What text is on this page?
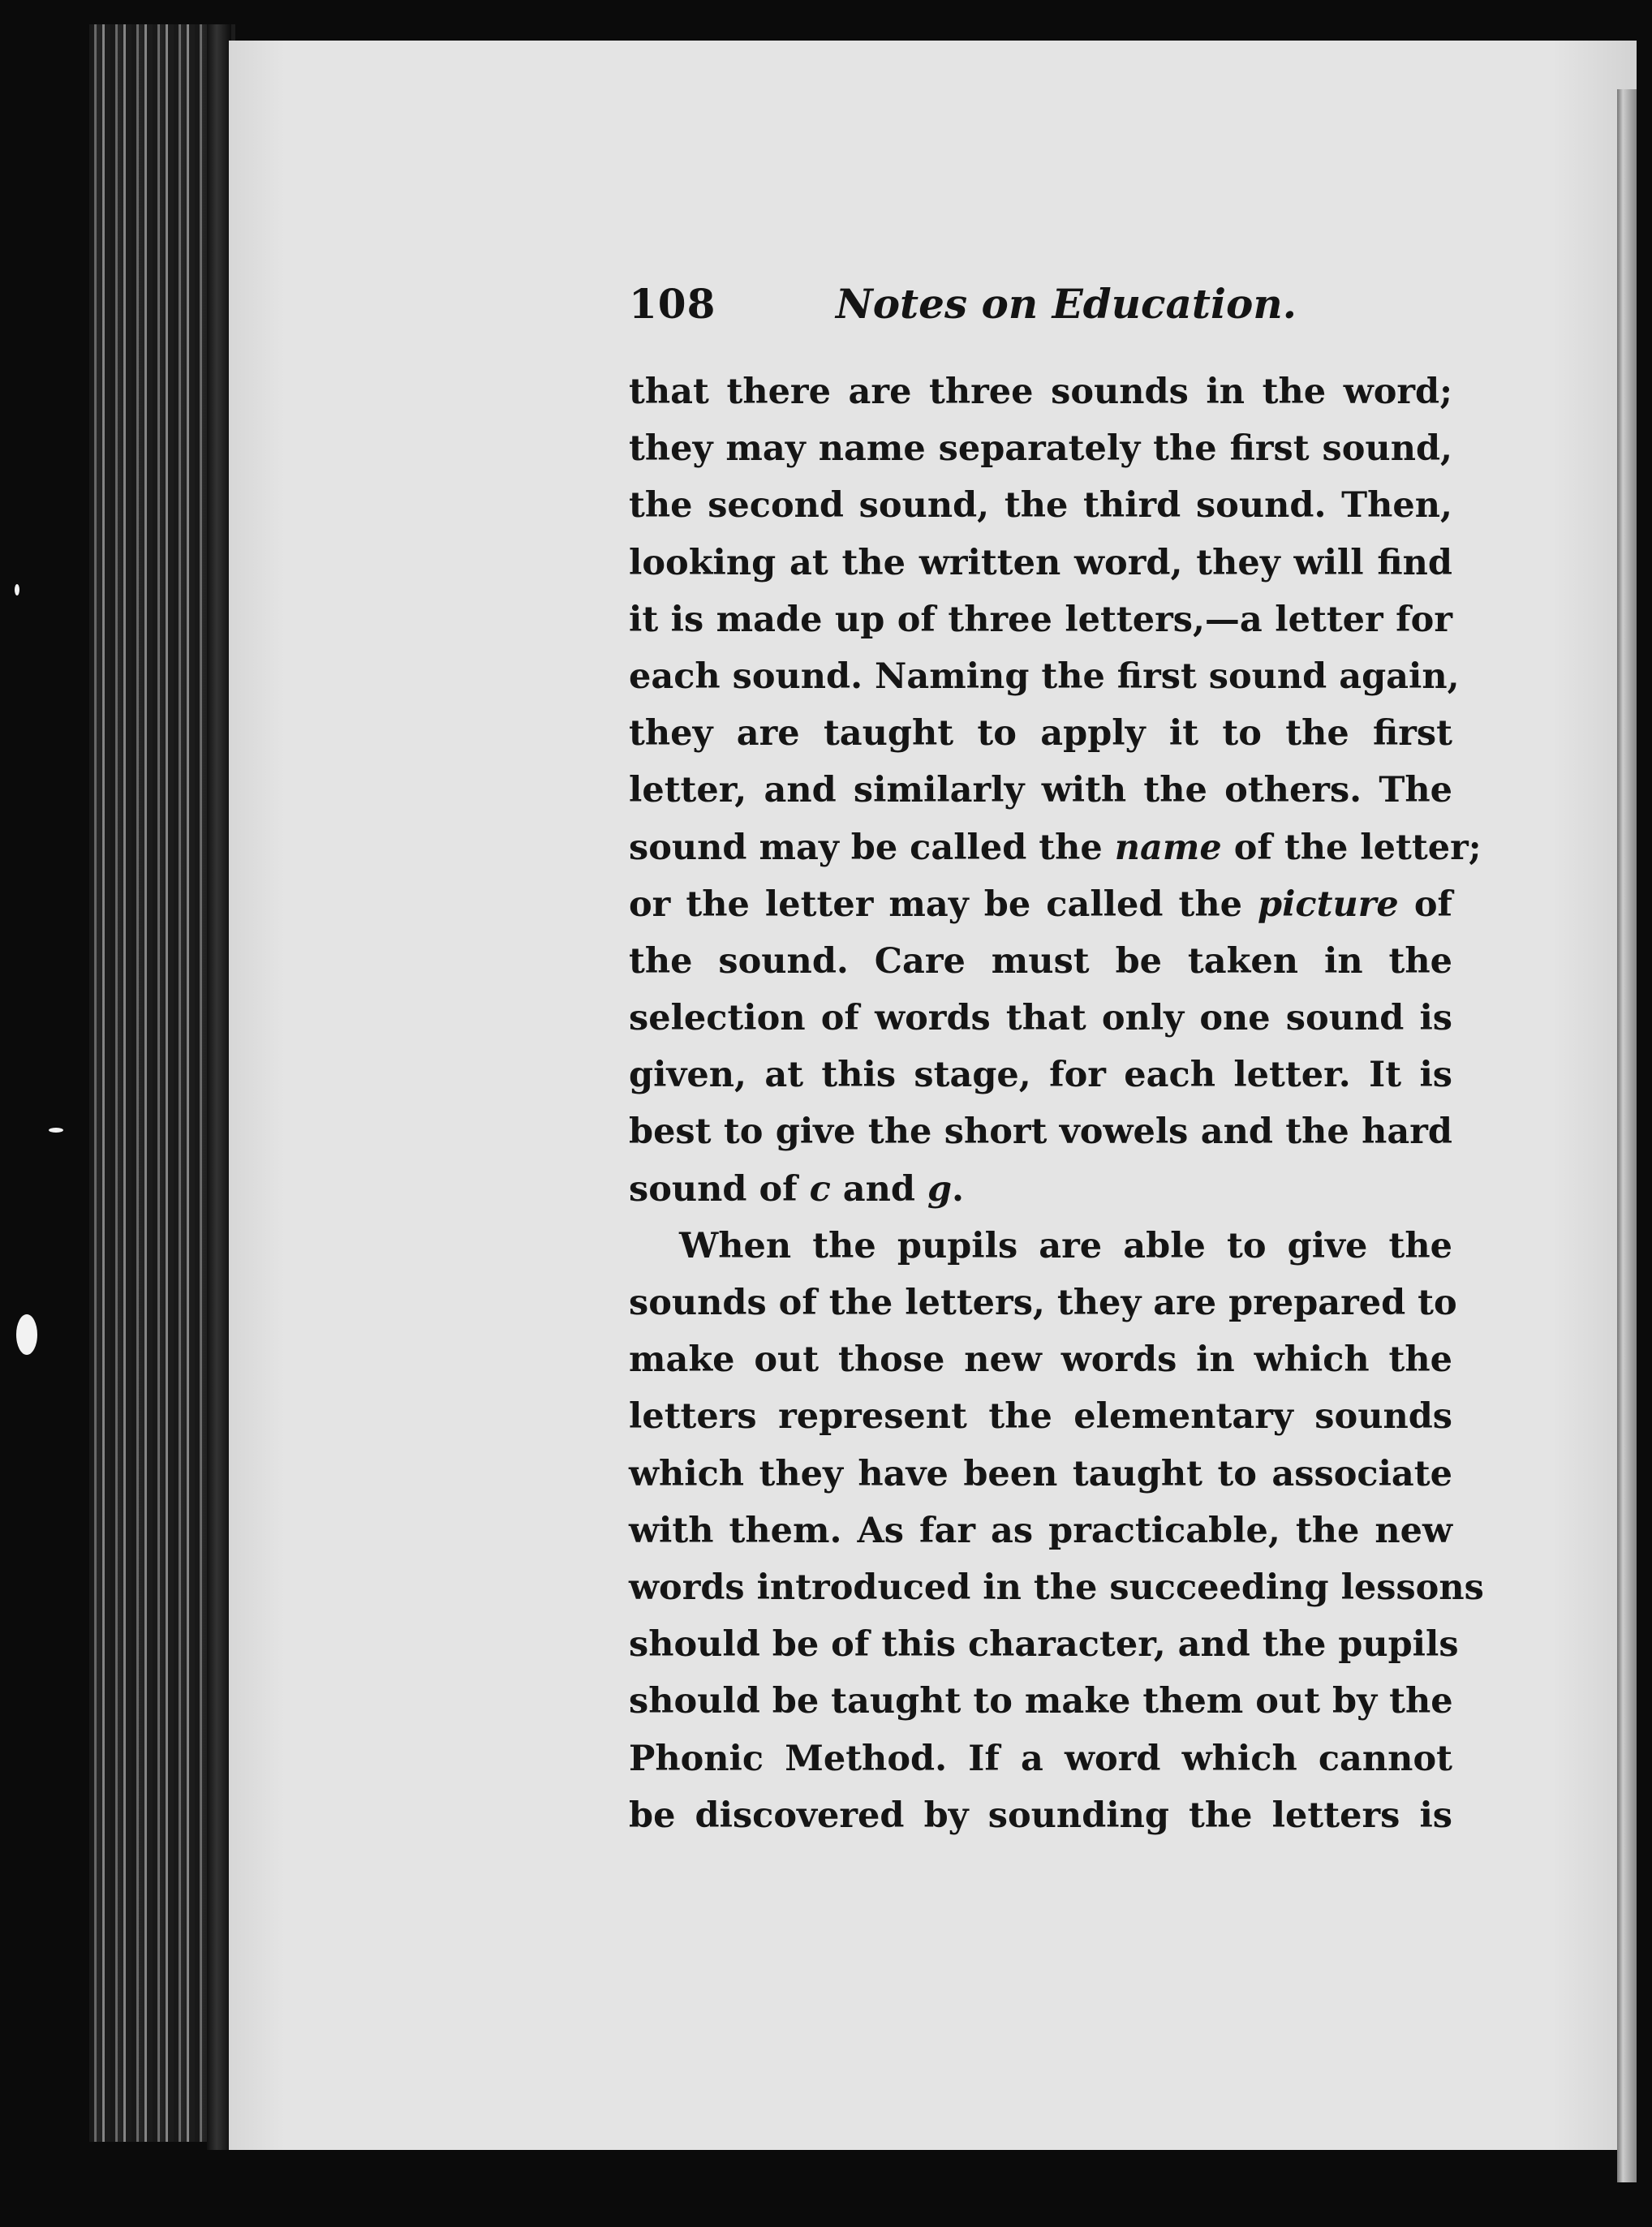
108	Notes on Education.
that there are three sounds in the word;
they may name separately the first sound,
the second sound, the third sound. Then,
looking at the written word, they will find
it is made up of three letters,—a letter for
each sound. Naming the first sound again,
they are taught to apply it to the first
letter, and similarly with the others. The
sound may be called the name of the letter;
or the letter may be called the picture of
the sound. Care must be taken in the
selection of words that only one sound is
given, at this stage, for each letter. It is
best to give the short vowels and the hard
sound of c and g.
When the pupils are able to give the
sounds of the letters, they are prepared to
make out those new words in which the
letters represent the elementary sounds
which they have been taught to associate
with them. As far as practicable, the new
words introduced in the succeeding lessons
should be of this character, and the pupils
should be taught to make them out by the
Phonic Method. If a word which cannot
be discovered by sounding the letters is
